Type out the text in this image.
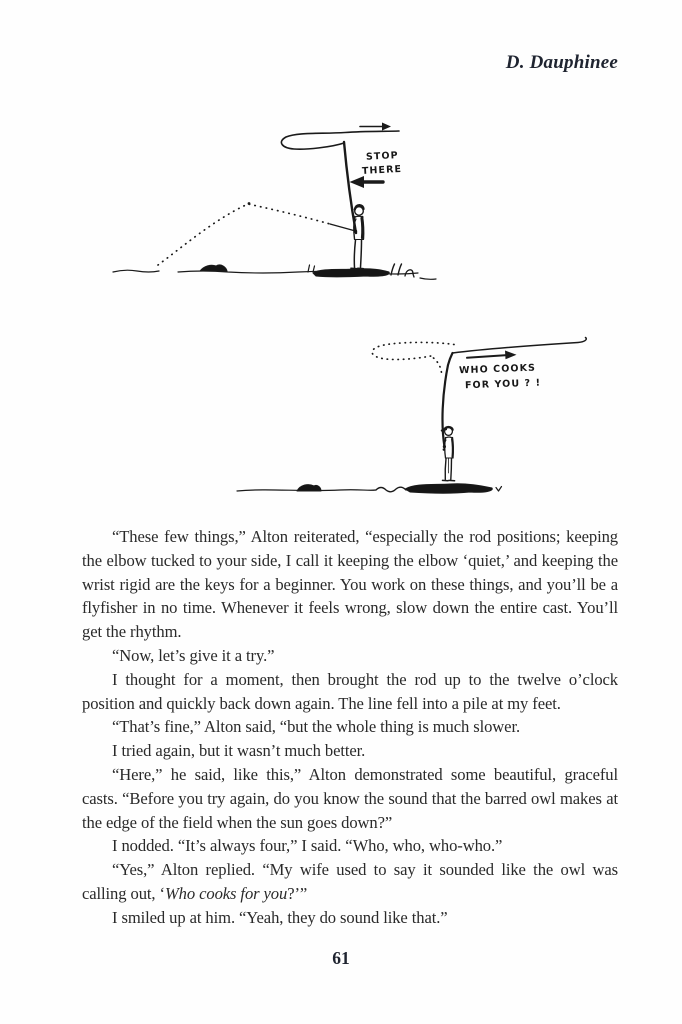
D. Dauphinee
STOP
THERE
WHO COOKS
FOR YOU ? !

“These few things,” Alton reiterated, “especially the rod positions; keeping the elbow tucked to your side, I call it keeping the elbow ‘quiet,’ and keeping the wrist rigid are the keys for a beginner. You work on these things, and you’ll be a flyfisher in no time. Whenever it feels wrong, slow down the entire cast. You’ll get the rhythm.

“Now, let’s give it a try.”

I thought for a moment, then brought the rod up to the twelve o’clock position and quickly back down again. The line fell into a pile at my feet.

“That’s fine,” Alton said, “but the whole thing is much slower.

I tried again, but it wasn’t much better.

“Here,” he said, like this,” Alton demonstrated some beautiful, graceful casts. “Before you try again, do you know the sound that the barred owl makes at the edge of the field when the sun goes down?”

I nodded. “It’s always four,” I said. “Who, who, who-who.”

“Yes,” Alton replied. “My wife used to say it sounded like the owl was calling out, ‘Who cooks for you?’”

I smiled up at him. “Yeah, they do sound like that.”

61
